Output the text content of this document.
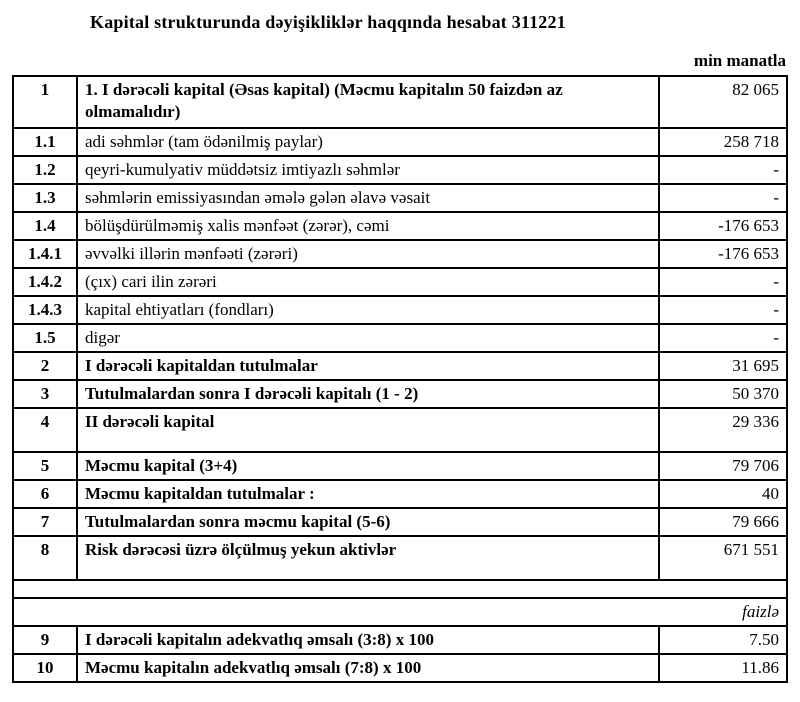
Kapital strukturunda dəyişikliklər haqqında hesabat 311221
min manatla
1	1. I dərəcəli kapital (Əsas kapital) (Məcmu kapitalın 50 faizdən az olmamalıdır)	82 065
1.1	adi səhmlər (tam ödənilmiş paylar)	258 718
1.2	qeyri-kumulyativ müddətsiz imtiyazlı səhmlər	-
1.3	səhmlərin emissiyasından əmələ gələn əlavə vəsait	-
1.4	bölüşdürülməmiş xalis mənfəət (zərər), cəmi	-176 653
1.4.1	əvvəlki illərin mənfəəti (zərəri)	-176 653
1.4.2	(çıx) cari ilin zərəri	-
1.4.3	kapital ehtiyatları (fondları)	-
1.5	digər	-
2	I dərəcəli kapitaldan tutulmalar	31 695
3	Tutulmalardan sonra I dərəcəli kapitalı (1 - 2)	50 370
4	II dərəcəli kapital	29 336
5	Məcmu kapital (3+4)	79 706
6	Məcmu kapitaldan tutulmalar :	40
7	Tutulmalardan sonra məcmu kapital (5-6)	79 666
8	Risk dərəcəsi üzrə ölçülmuş yekun aktivlər	671 551

faizlə		
9	I dərəcəli kapitalın adekvatlıq əmsalı (3:8) x 100	7.50
10	Məcmu kapitalın adekvatlıq əmsalı (7:8) x 100	11.86
